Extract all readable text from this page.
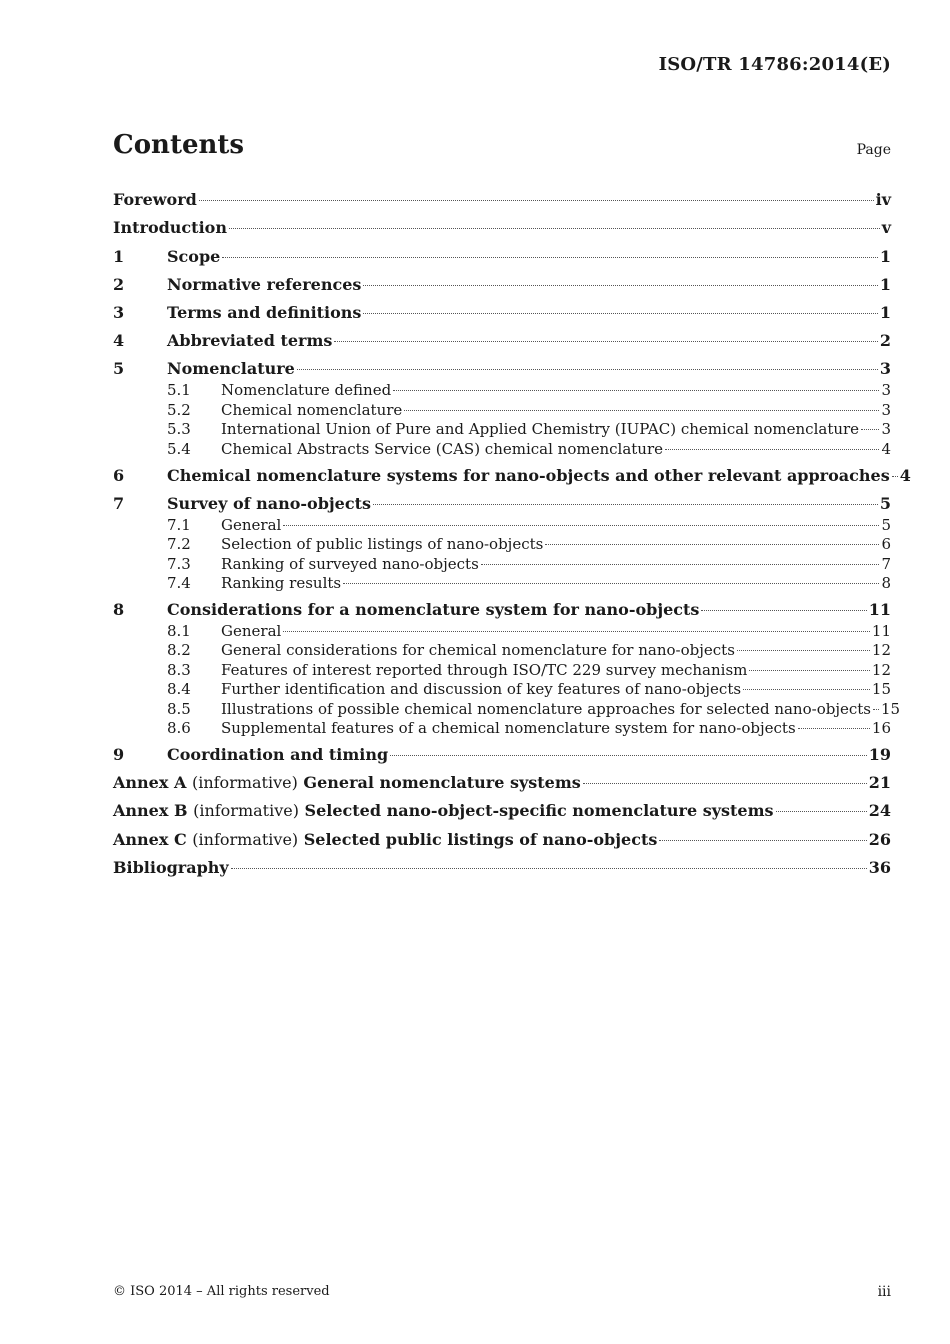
ISO/TR 14786:2014(E)
Contents	Page
Foreword	iv
Introduction	v
1	Scope	1
2	Normative references	1
3	Terms and definitions	1
4	Abbreviated terms	2
5	Nomenclature	3
5.1	Nomenclature defined	3
5.2	Chemical nomenclature	3
5.3	International Union of Pure and Applied Chemistry (IUPAC) chemical nomenclature 3
5.4	Chemical Abstracts Service (CAS) chemical nomenclature	4
6	Chemical nomenclature systems for nano-objects and other relevant approaches 4
7	Survey of nano-objects	5
7.1	General	5
7.2	Selection of public listings of nano-objects	6
7.3	Ranking of surveyed nano-objects	7
7.4	Ranking results	8
8	Considerations for a nomenclature system for nano-objects	11
8.1	General	11
8.2	General considerations for chemical nomenclature for nano-objects	12
8.3	Features of interest reported through ISO/TC 229 survey mechanism	12
8.4	Further identification and discussion of key features of nano-objects	15
8.5	Illustrations of possible chemical nomenclature approaches for selected nano-objects 15
8.6	Supplemental features of a chemical nomenclature system for nano-objects	16
9	Coordination and timing	19
Annex A (informative) General nomenclature systems	21
Annex B (informative) Selected nano-object-specific nomenclature systems	24
Annex C (informative) Selected public listings of nano-objects	26
Bibliography	36
© ISO 2014 – All rights reserved	iii
